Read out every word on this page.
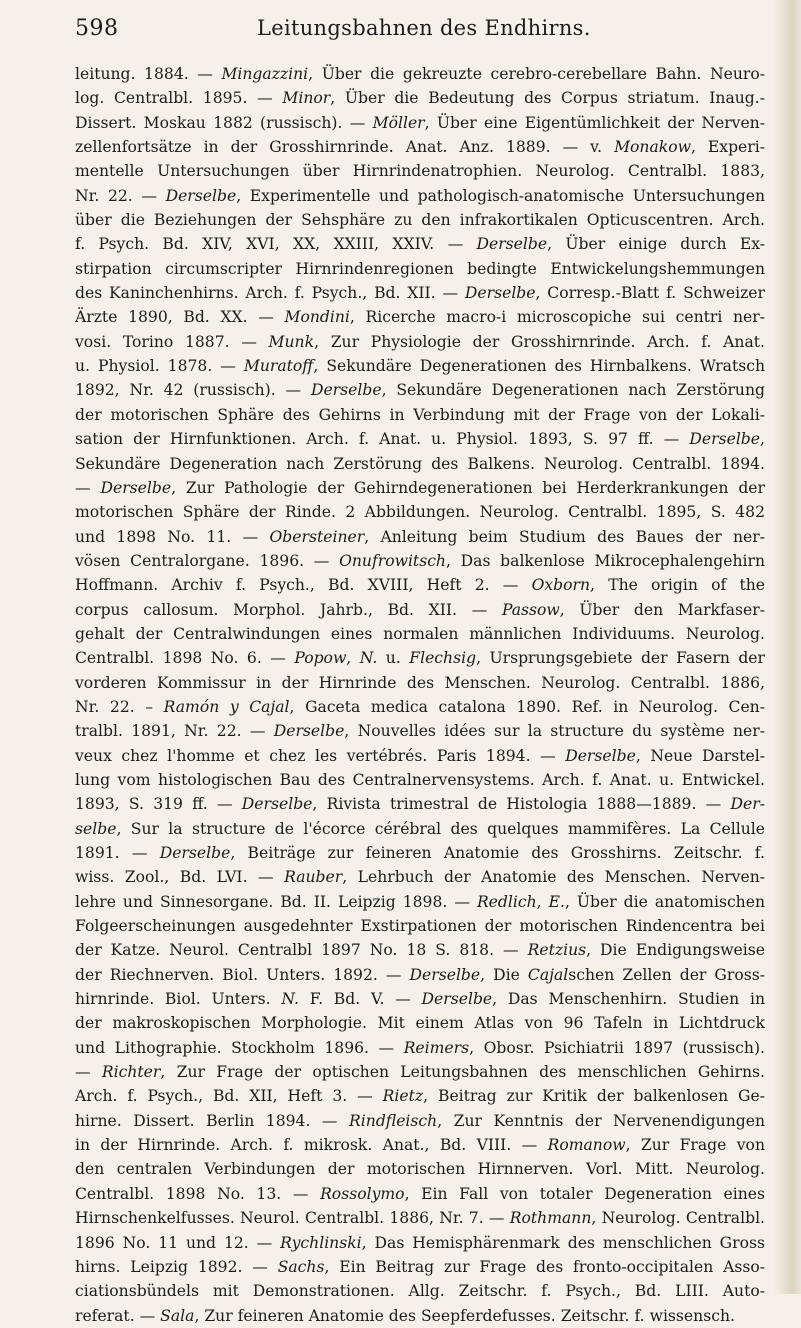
598	Leitungsbahnen des Endhirns.
leitung. 1884. — Mingazzini, Über die gekreuzte cerebro-cerebellare Bahn. Neuro-
log. Centralbl. 1895. — Minor, Über die Bedeutung des Corpus striatum. Inaug.-
Dissert. Moskau 1882 (russisch). — Möller, Über eine Eigentümlichkeit der Nerven-
zellenfortsätze in der Grosshirnrinde. Anat. Anz. 1889. — v. Monakow, Experi-
mentelle Untersuchungen über Hirnrindenatrophien. Neurolog. Centralbl. 1883,
Nr. 22. — Derselbe, Experimentelle und pathologisch-anatomische Untersuchungen
über die Beziehungen der Sehsphäre zu den infrakortikalen Opticuscentren. Arch.
f. Psych. Bd. XIV, XVI, XX, XXIII, XXIV. — Derselbe, Über einige durch Ex-
stirpation circumscripter Hirnrindenregionen bedingte Entwickelungshemmungen
des Kaninchenhirns. Arch. f. Psych., Bd. XII. — Derselbe, Corresp.-Blatt f. Schweizer
Ärzte 1890, Bd. XX. — Mondini, Ricerche macro-i microscopiche sui centri ner-
vosi. Torino 1887. — Munk, Zur Physiologie der Grosshirnrinde. Arch. f. Anat.
u. Physiol. 1878. — Muratoff, Sekundäre Degenerationen des Hirnbalkens. Wratsch
1892, Nr. 42 (russisch). — Derselbe, Sekundäre Degenerationen nach Zerstörung
der motorischen Sphäre des Gehirns in Verbindung mit der Frage von der Lokali-
sation der Hirnfunktionen. Arch. f. Anat. u. Physiol. 1893, S. 97 ff. — Derselbe,
Sekundäre Degeneration nach Zerstörung des Balkens. Neurolog. Centralbl. 1894.
— Derselbe, Zur Pathologie der Gehirndegenerationen bei Herderkrankungen der
motorischen Sphäre der Rinde. 2 Abbildungen. Neurolog. Centralbl. 1895, S. 482
und 1898 No. 11. — Obersteiner, Anleitung beim Studium des Baues der ner-
vösen Centralorgane. 1896. — Onufrowitsch, Das balkenlose Mikrocephalengehirn
Hoffmann. Archiv f. Psych., Bd. XVIII, Heft 2. — Oxborn, The origin of the
corpus callosum. Morphol. Jahrb., Bd. XII. — Passow, Über den Markfaser-
gehalt der Centralwindungen eines normalen männlichen Individuums. Neurolog.
Centralbl. 1898 No. 6. — Popow, N. u. Flechsig, Ursprungsgebiete der Fasern der
vorderen Kommissur in der Hirnrinde des Menschen. Neurolog. Centralbl. 1886,
Nr. 22. – Ramón y Cajal, Gaceta medica catalona 1890. Ref. in Neurolog. Cen-
tralbl. 1891, Nr. 22. — Derselbe, Nouvelles idées sur la structure du système ner-
veux chez l'homme et chez les vertébrés. Paris 1894. — Derselbe, Neue Darstel-
lung vom histologischen Bau des Centralnervensystems. Arch. f. Anat. u. Entwickel.
1893, S. 319 ff. — Derselbe, Rivista trimestral de Histologia 1888—1889. — Der-
selbe, Sur la structure de l'écorce cérébral des quelques mammifères. La Cellule
1891. — Derselbe, Beiträge zur feineren Anatomie des Grosshirns. Zeitschr. f.
wiss. Zool., Bd. LVI. — Rauber, Lehrbuch der Anatomie des Menschen. Nerven-
lehre und Sinnesorgane. Bd. II. Leipzig 1898. — Redlich, E., Über die anatomischen
Folgeerscheinungen ausgedehnter Exstirpationen der motorischen Rindencentra bei
der Katze. Neurol. Centralbl 1897 No. 18 S. 818. — Retzius, Die Endigungsweise
der Riechnerven. Biol. Unters. 1892. — Derselbe, Die Cajalschen Zellen der Gross-
hirnrinde. Biol. Unters. N. F. Bd. V. — Derselbe, Das Menschenhirn. Studien in
der makroskopischen Morphologie. Mit einem Atlas von 96 Tafeln in Lichtdruck
und Lithographie. Stockholm 1896. — Reimers, Obosr. Psichiatrii 1897 (russisch).
— Richter, Zur Frage der optischen Leitungsbahnen des menschlichen Gehirns.
Arch. f. Psych., Bd. XII, Heft 3. — Rietz, Beitrag zur Kritik der balkenlosen Ge-
hirne. Dissert. Berlin 1894. — Rindfleisch, Zur Kenntnis der Nervenendigungen
in der Hirnrinde. Arch. f. mikrosk. Anat., Bd. VIII. — Romanow, Zur Frage von
den centralen Verbindungen der motorischen Hirnnerven. Vorl. Mitt. Neurolog.
Centralbl. 1898 No. 13. — Rossolymo, Ein Fall von totaler Degeneration eines
Hirnschenkelfusses. Neurol. Centralbl. 1886, Nr. 7. — Rothmann, Neurolog. Centralbl.
1896 No. 11 und 12. — Rychlinski, Das Hemisphärenmark des menschlichen Gross
hirns. Leipzig 1892. — Sachs, Ein Beitrag zur Frage des fronto-occipitalen Asso-
ciationsbündels mit Demonstrationen. Allg. Zeitschr. f. Psych., Bd. LIII. Auto-
referat. — Sala, Zur feineren Anatomie des Seepferdefusses. Zeitschr. f. wissensch.
